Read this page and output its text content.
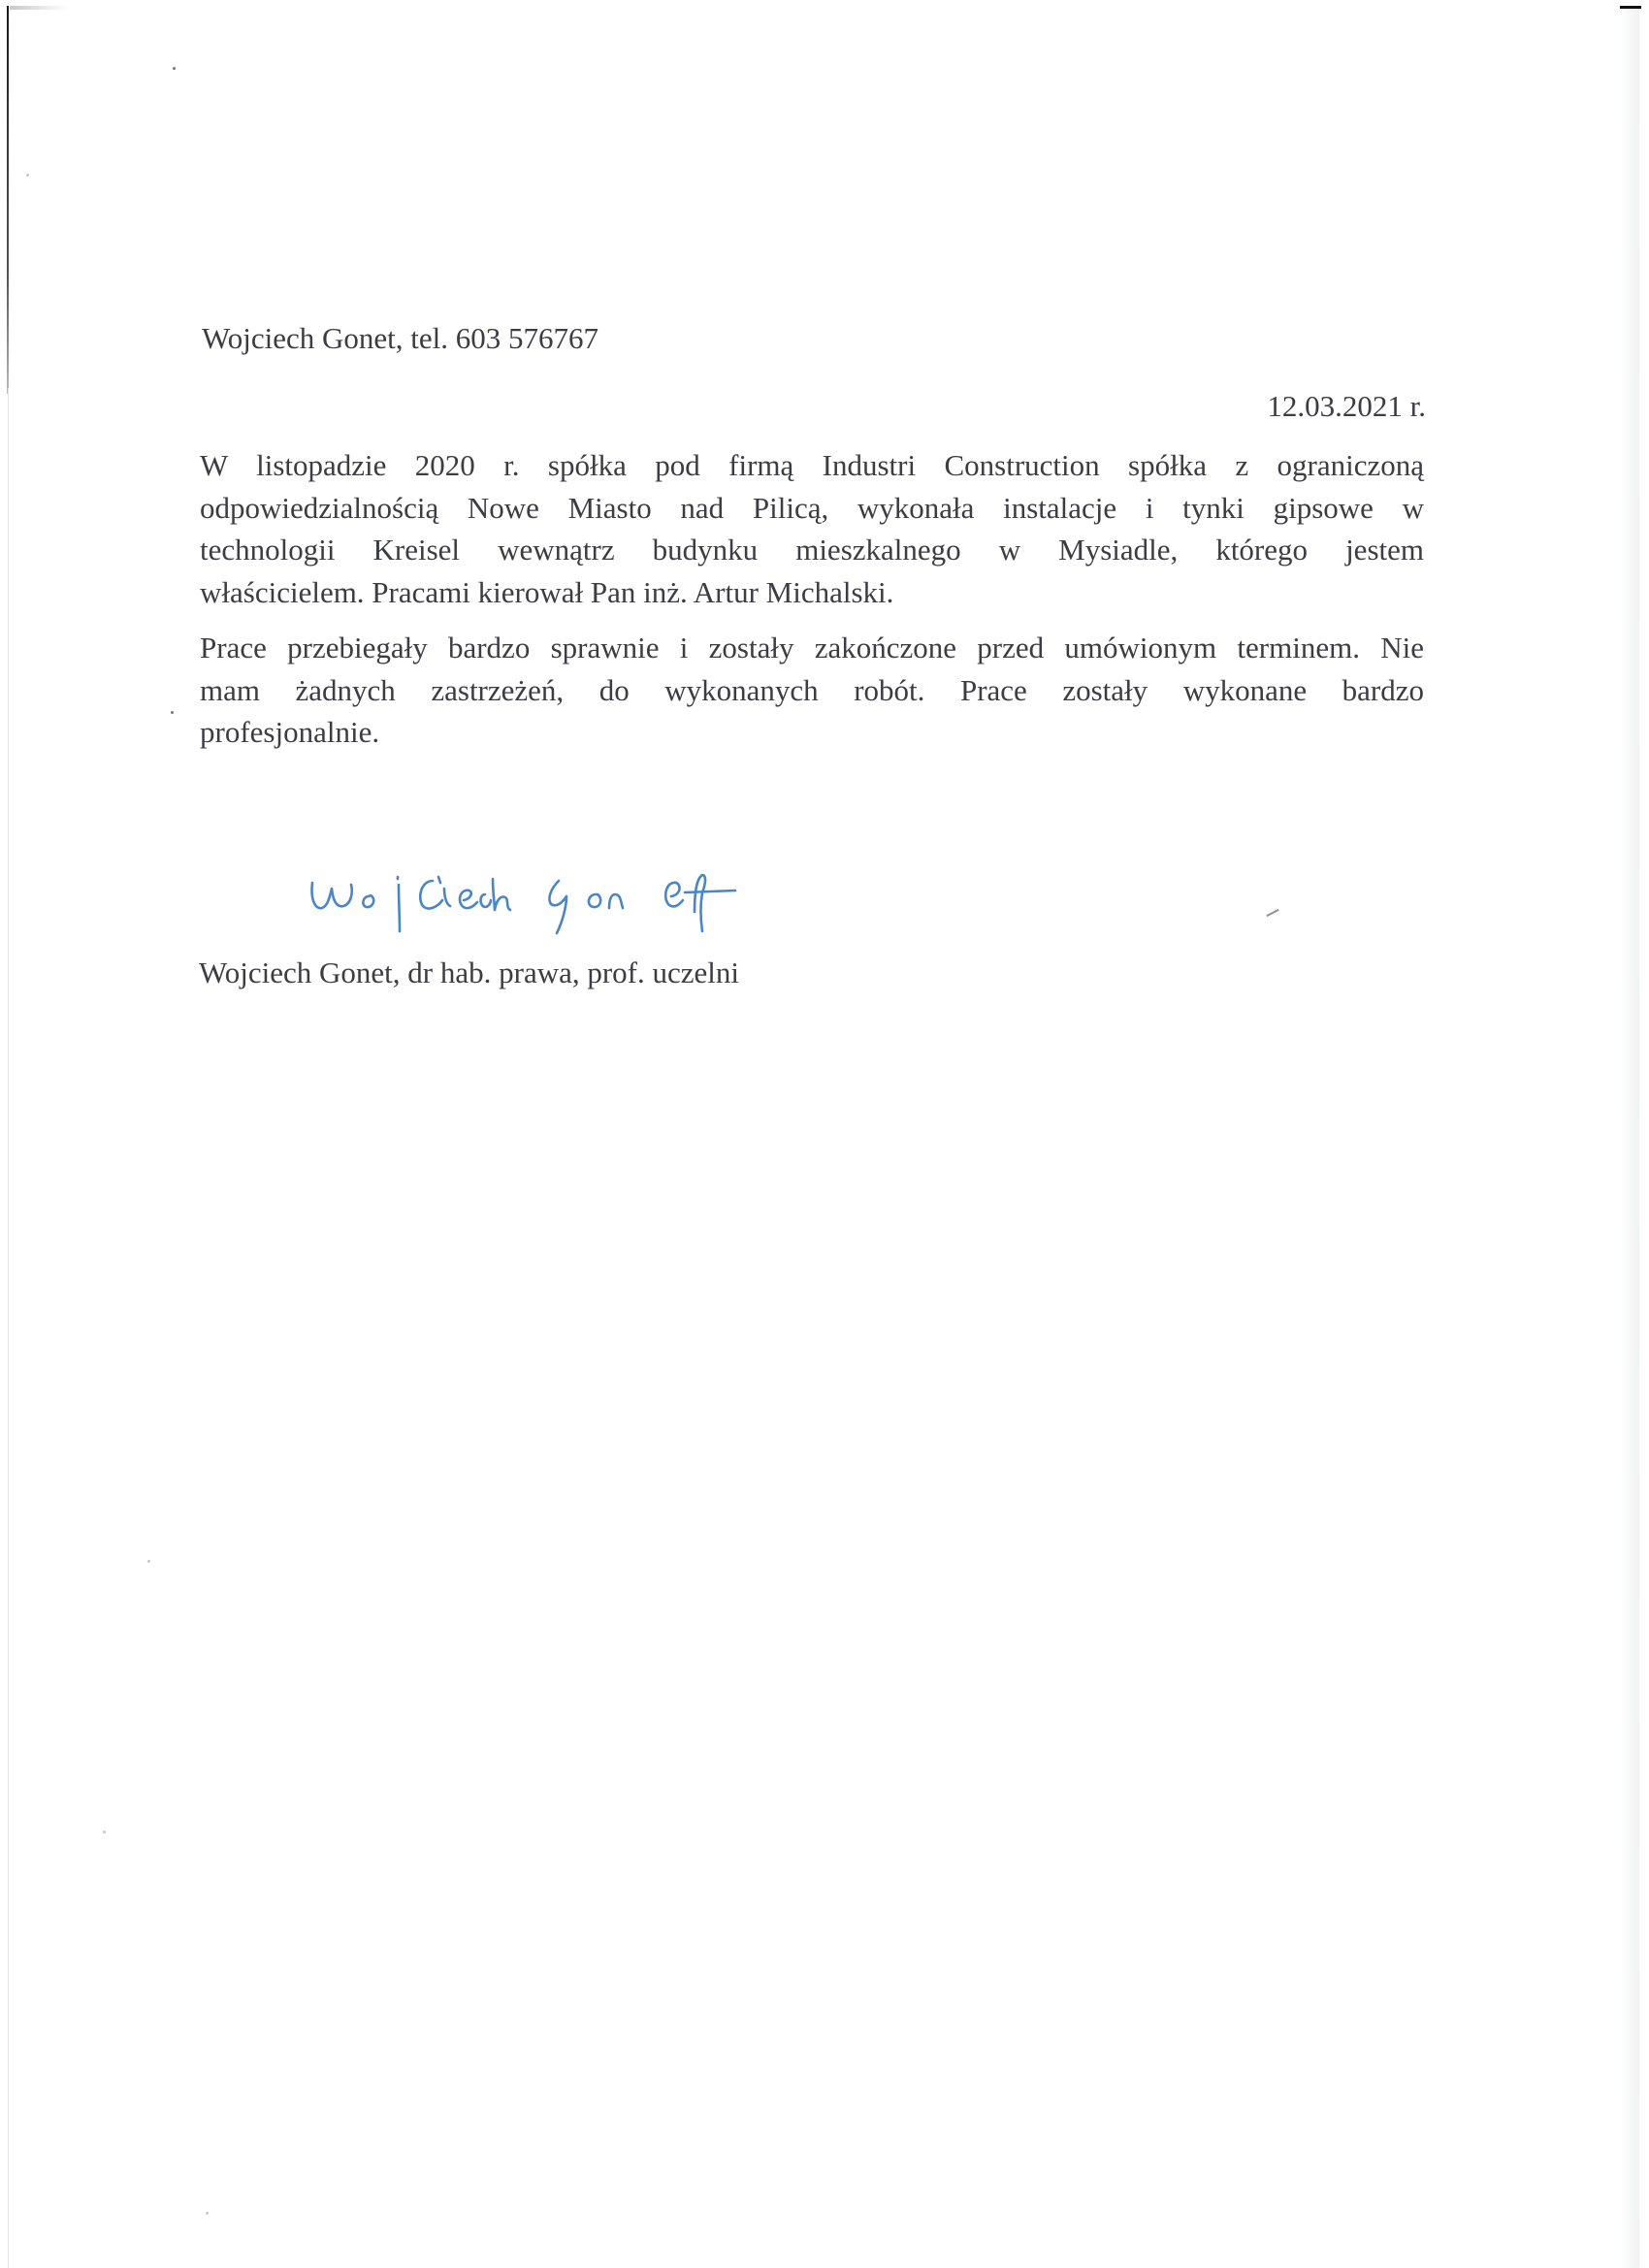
Wojciech Gonet, tel. 603 576767
12.03.2021 r.
W listopadzie 2020 r. spółka pod firmą Industri Construction spółka z ograniczoną
odpowiedzialnością Nowe Miasto nad Pilicą, wykonała instalacje i tynki gipsowe w
technologii Kreisel wewnątrz budynku mieszkalnego w Mysiadle, którego jestem
właścicielem. Pracami kierował Pan inż. Artur Michalski.
Prace przebiegały bardzo sprawnie i zostały zakończone przed umówionym terminem. Nie
mam żadnych zastrzeżeń, do wykonanych robót. Prace zostały wykonane bardzo
profesjonalnie.
Wojciech Gonet, dr hab. prawa, prof. uczelni
